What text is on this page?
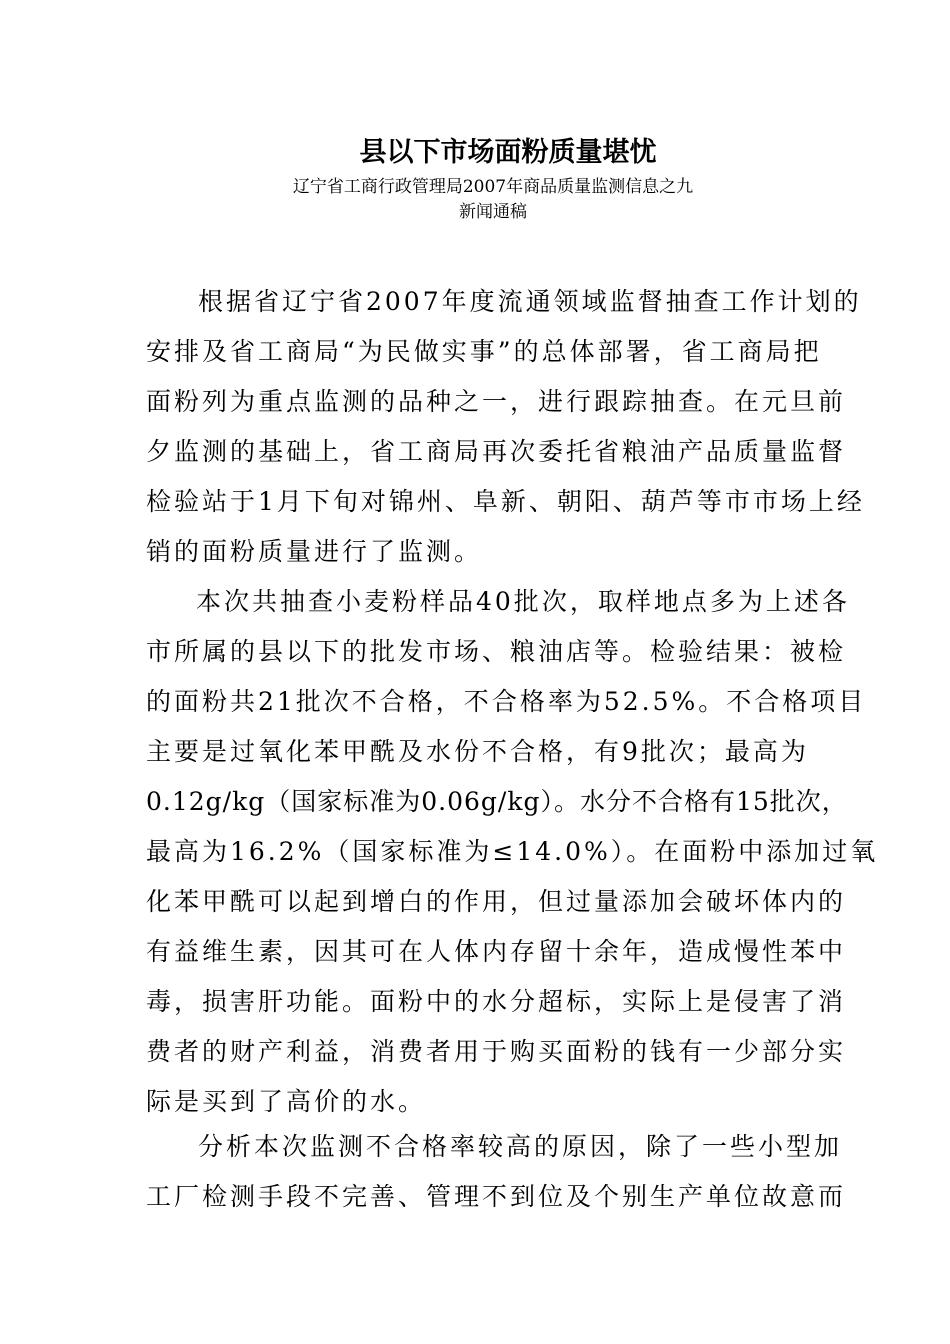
县以下市场面粉质量堪忧

辽宁省工商行政管理局2007年商品质量监测信息之九

新闻通稿

根据省辽宁省2007年度流通领域监督抽查工作计划的
安排及省工商局“为民做实事”的总体部署，省工商局把
面粉列为重点监测的品种之一，进行跟踪抽查。在元旦前
夕监测的基础上，省工商局再次委托省粮油产品质量监督
检验站于1月下旬对锦州、阜新、朝阳、葫芦等市市场上经
销的面粉质量进行了监测。
本次共抽查小麦粉样品40批次，取样地点多为上述各
市所属的县以下的批发市场、粮油店等。检验结果：被检
的面粉共21批次不合格，不合格率为52.5%。不合格项目
主要是过氧化苯甲酰及水份不合格，有9批次；最高为
0.12g/kg（国家标准为0.06g/kg）。水分不合格有15批次，
最高为16.2%（国家标准为≤14.0%）。在面粉中添加过氧
化苯甲酰可以起到增白的作用，但过量添加会破坏体内的
有益维生素，因其可在人体内存留十余年，造成慢性苯中
毒，损害肝功能。面粉中的水分超标，实际上是侵害了消
费者的财产利益，消费者用于购买面粉的钱有一少部分实
际是买到了高价的水。
分析本次监测不合格率较高的原因，除了一些小型加
工厂检测手段不完善、管理不到位及个别生产单位故意而
